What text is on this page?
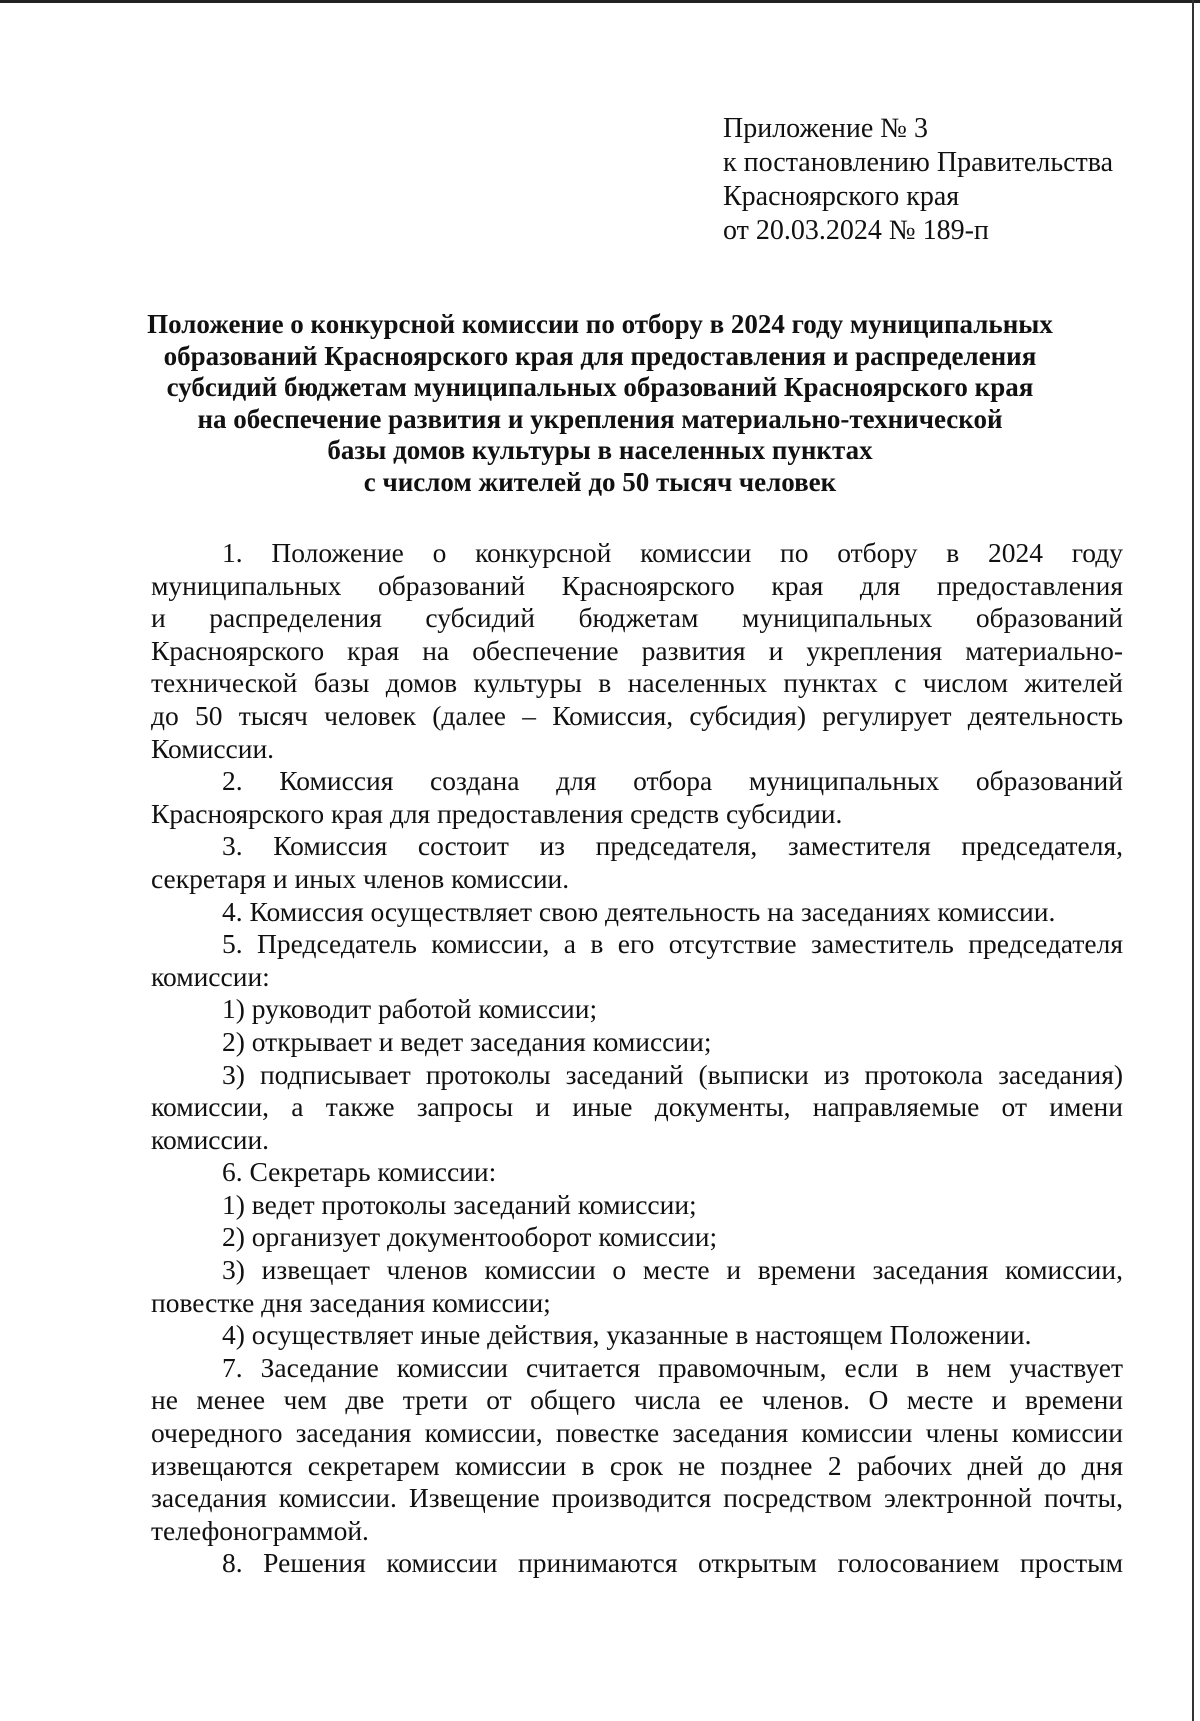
Приложение № 3
к постановлению Правительства
Красноярского края
от 20.03.2024 № 189-п
Положение о конкурсной комиссии по отбору в 2024 году муниципальных
образований Красноярского края для предоставления и распределения
субсидий бюджетам муниципальных образований Красноярского края
на обеспечение развития и укрепления материально-технической
базы домов культуры в населенных пунктах
с числом жителей до 50 тысяч человек
1. Положение о конкурсной комиссии по отбору в 2024 году
муниципальных образований Красноярского края для предоставления
и распределения субсидий бюджетам муниципальных образований
Красноярского края на обеспечение развития и укрепления материально-
технической базы домов культуры в населенных пунктах с числом жителей
до 50 тысяч человек (далее – Комиссия, субсидия) регулирует деятельность
Комиссии.
2. Комиссия создана для отбора муниципальных образований
Красноярского края для предоставления средств субсидии.
3. Комиссия состоит из председателя, заместителя председателя,
секретаря и иных членов комиссии.
4. Комиссия осуществляет свою деятельность на заседаниях комиссии.
5. Председатель комиссии, а в его отсутствие заместитель председателя
комиссии:
1) руководит работой комиссии;
2) открывает и ведет заседания комиссии;
3) подписывает протоколы заседаний (выписки из протокола заседания)
комиссии, а также запросы и иные документы, направляемые от имени
комиссии.
6. Секретарь комиссии:
1) ведет протоколы заседаний комиссии;
2) организует документооборот комиссии;
3) извещает членов комиссии о месте и времени заседания комиссии,
повестке дня заседания комиссии;
4) осуществляет иные действия, указанные в настоящем Положении.
7. Заседание комиссии считается правомочным, если в нем участвует
не менее чем две трети от общего числа ее членов. О месте и времени
очередного заседания комиссии, повестке заседания комиссии члены комиссии
извещаются секретарем комиссии в срок не позднее 2 рабочих дней до дня
заседания комиссии. Извещение производится посредством электронной почты,
телефонограммой.
8. Решения комиссии принимаются открытым голосованием простым
